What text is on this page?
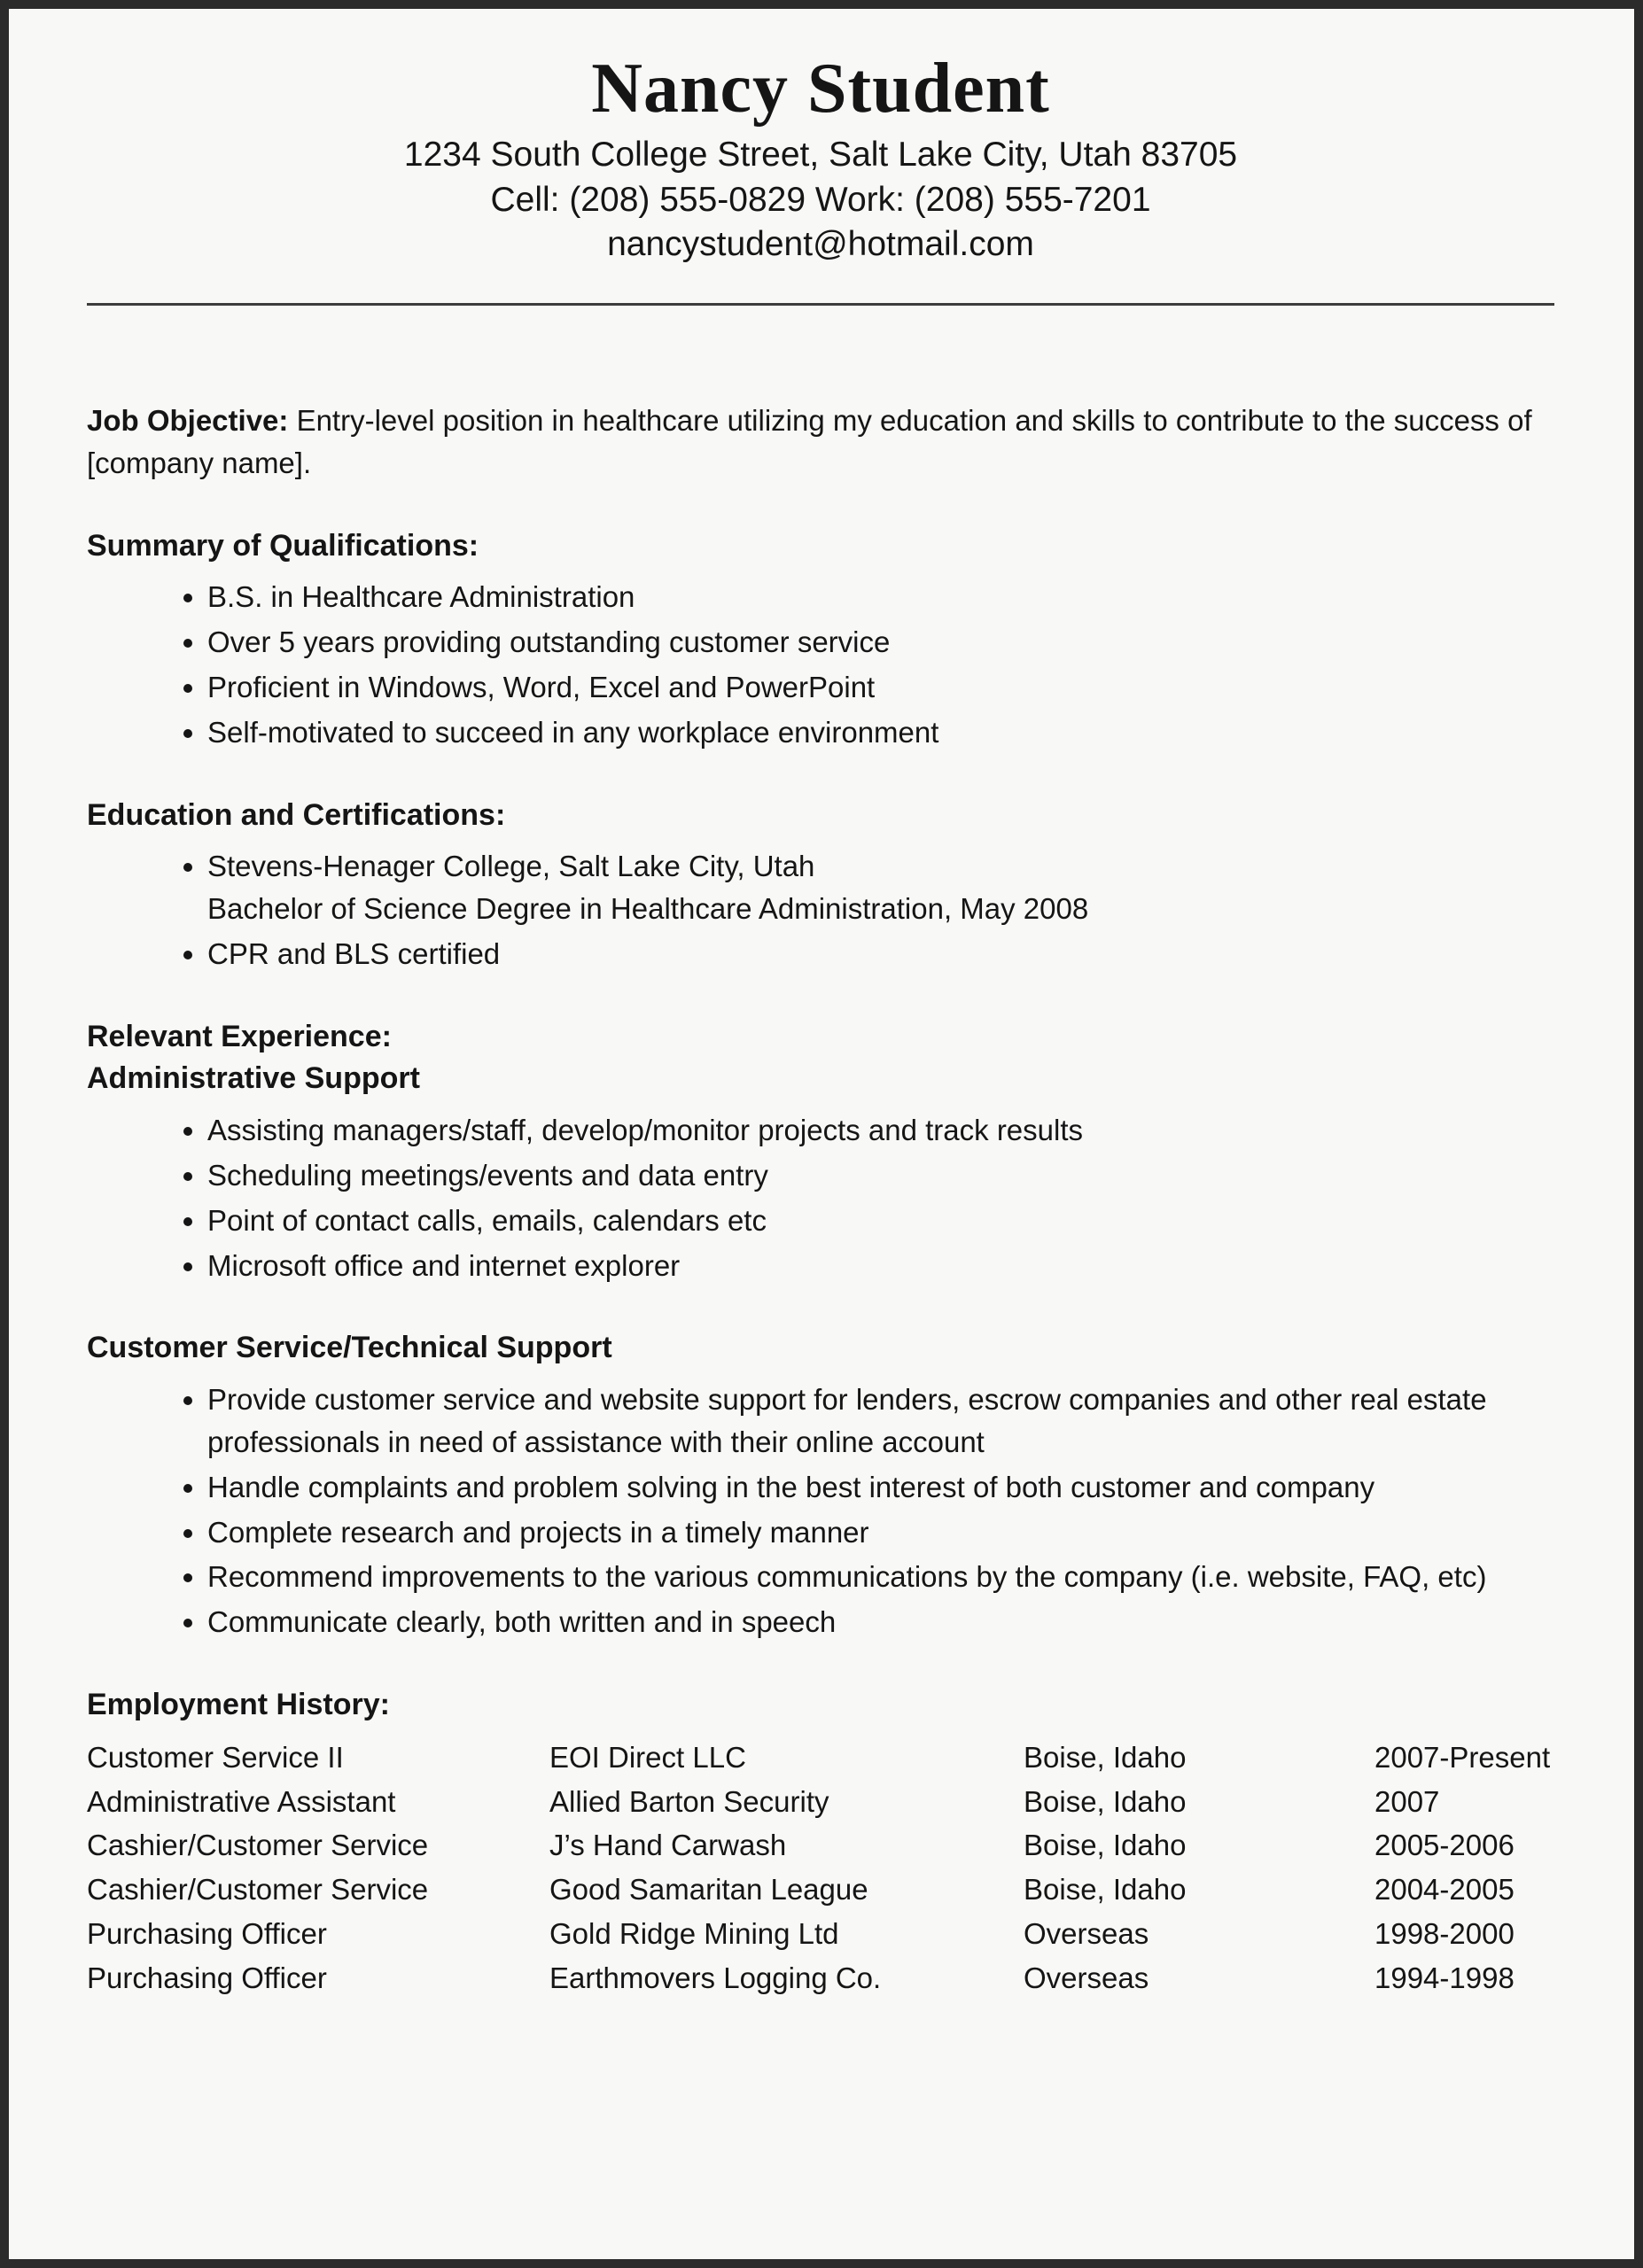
Nancy Student
1234 South College Street, Salt Lake City, Utah 83705
Cell: (208) 555-0829 Work: (208) 555-7201
nancystudent@hotmail.com

Job Objective: Entry-level position in healthcare utilizing my education and skills to contribute to the success of [company name].

Summary of Qualifications:
• B.S. in Healthcare Administration
• Over 5 years providing outstanding customer service
• Proficient in Windows, Word, Excel and PowerPoint
• Self-motivated to succeed in any workplace environment
Education and Certifications:
• Stevens-Henager College, Salt Lake City, Utah
Bachelor of Science Degree in Healthcare Administration, May 2008
• CPR and BLS certified
Relevant Experience:
Administrative Support
• Assisting managers/staff, develop/monitor projects and track results
• Scheduling meetings/events and data entry
• Point of contact calls, emails, calendars etc
• Microsoft office and internet explorer
Customer Service/Technical Support
• Provide customer service and website support for lenders, escrow companies and other real estate professionals in need of assistance with their online account
• Handle complaints and problem solving in the best interest of both customer and company
• Complete research and projects in a timely manner
• Recommend improvements to the various communications by the company (i.e. website, FAQ, etc)
• Communicate clearly, both written and in speech
Employment History:
Customer Service II	EOI Direct LLC	Boise, Idaho	2007-Present
Administrative Assistant	Allied Barton Security	Boise, Idaho	2007
Cashier/Customer Service	J’s Hand Carwash	Boise, Idaho	2005-2006
Cashier/Customer Service	Good Samaritan League	Boise, Idaho	2004-2005
Purchasing Officer	Gold Ridge Mining Ltd	Overseas	1998-2000
Purchasing Officer	Earthmovers Logging Co.	Overseas	1994-1998
